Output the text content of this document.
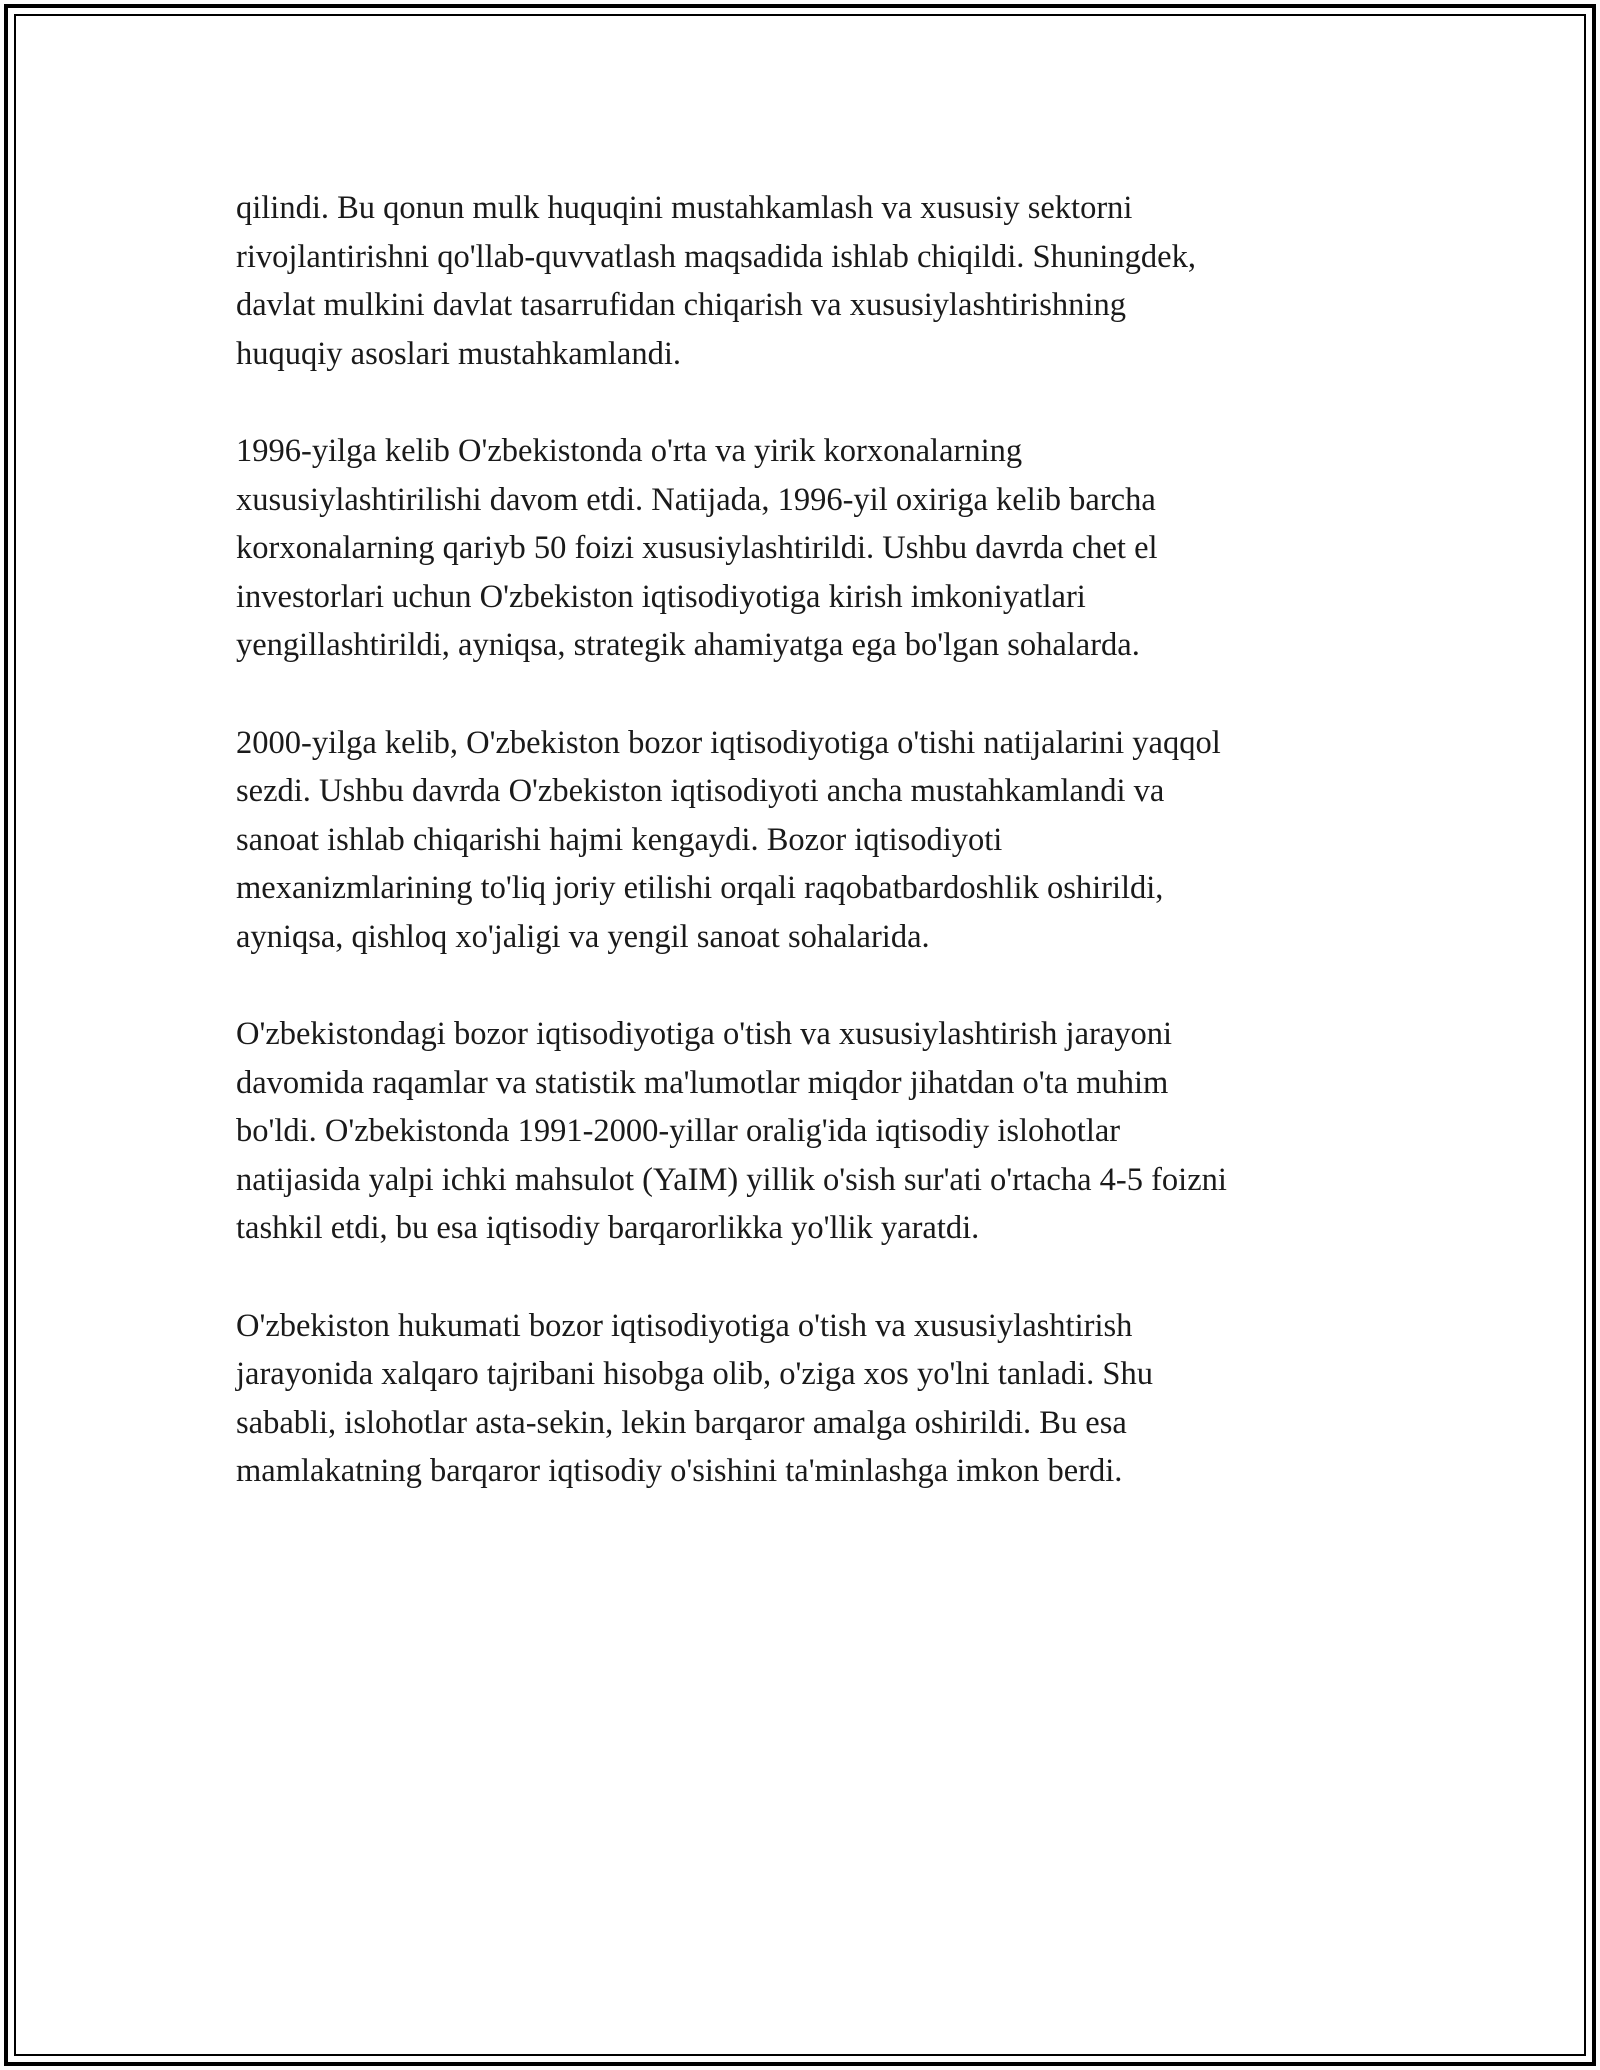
qilindi. Bu qonun mulk huquqini mustahkamlash va xususiy sektorni
rivojlantirishni qo'llab-quvvatlash maqsadida ishlab chiqildi. Shuningdek,
davlat mulkini davlat tasarrufidan chiqarish va xususiylashtirishning
huquqiy asoslari mustahkamlandi.

1996-yilga kelib O'zbekistonda o'rta va yirik korxonalarning
xususiylashtirilishi davom etdi. Natijada, 1996-yil oxiriga kelib barcha
korxonalarning qariyb 50 foizi xususiylashtirildi. Ushbu davrda chet el
investorlari uchun O'zbekiston iqtisodiyotiga kirish imkoniyatlari
yengillashtirildi, ayniqsa, strategik ahamiyatga ega bo'lgan sohalarda.

2000-yilga kelib, O'zbekiston bozor iqtisodiyotiga o'tishi natijalarini yaqqol
sezdi. Ushbu davrda O'zbekiston iqtisodiyoti ancha mustahkamlandi va
sanoat ishlab chiqarishi hajmi kengaydi. Bozor iqtisodiyoti
mexanizmlarining to'liq joriy etilishi orqali raqobatbardoshlik oshirildi,
ayniqsa, qishloq xo'jaligi va yengil sanoat sohalarida.

O'zbekistondagi bozor iqtisodiyotiga o'tish va xususiylashtirish jarayoni
davomida raqamlar va statistik ma'lumotlar miqdor jihatdan o'ta muhim
bo'ldi. O'zbekistonda 1991-2000-yillar oralig'ida iqtisodiy islohotlar
natijasida yalpi ichki mahsulot (YaIM) yillik o'sish sur'ati o'rtacha 4-5 foizni
tashkil etdi, bu esa iqtisodiy barqarorlikka yo'llik yaratdi.

O'zbekiston hukumati bozor iqtisodiyotiga o'tish va xususiylashtirish
jarayonida xalqaro tajribani hisobga olib, o'ziga xos yo'lni tanladi. Shu
sababli, islohotlar asta-sekin, lekin barqaror amalga oshirildi. Bu esa
mamlakatning barqaror iqtisodiy o'sishini ta'minlashga imkon berdi.
